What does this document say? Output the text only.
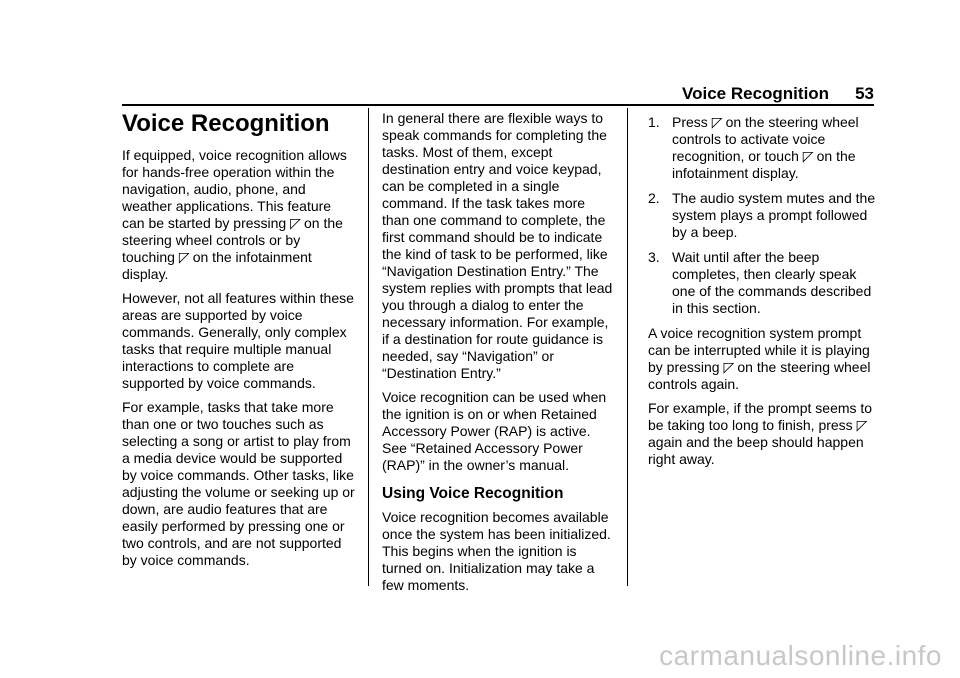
Voice Recognition 53
Voice Recognition

If equipped, voice recognition allows for hands-free operation within the navigation, audio, phone, and weather applications. This feature can be started by pressing ◸ on the steering wheel controls or by touching ◸ on the infotainment display.

However, not all features within these areas are supported by voice commands. Generally, only complex tasks that require multiple manual interactions to complete are supported by voice commands.

For example, tasks that take more than one or two touches such as selecting a song or artist to play from a media device would be supported by voice commands. Other tasks, like adjusting the volume or seeking up or down, are audio features that are easily performed by pressing one or two controls, and are not supported by voice commands.

In general there are flexible ways to speak commands for completing the tasks. Most of them, except destination entry and voice keypad, can be completed in a single command. If the task takes more than one command to complete, the first command should be to indicate the kind of task to be performed, like “Navigation Destination Entry.” The system replies with prompts that lead you through a dialog to enter the necessary information. For example, if a destination for route guidance is needed, say “Navigation” or “Destination Entry.”

Voice recognition can be used when the ignition is on or when Retained Accessory Power (RAP) is active. See “Retained Accessory Power (RAP)” in the owner’s manual.

Using Voice Recognition

Voice recognition becomes available once the system has been initialized. This begins when the ignition is turned on. Initialization may take a few moments.

1. Press ◸ on the steering wheel controls to activate voice recognition, or touch ◸ on the infotainment display.
2. The audio system mutes and the system plays a prompt followed by a beep.
3. Wait until after the beep completes, then clearly speak one of the commands described in this section.

A voice recognition system prompt can be interrupted while it is playing by pressing ◸ on the steering wheel controls again.

For example, if the prompt seems to be taking too long to finish, press ◸ again and the beep should happen right away.

carmanualsonline.info
